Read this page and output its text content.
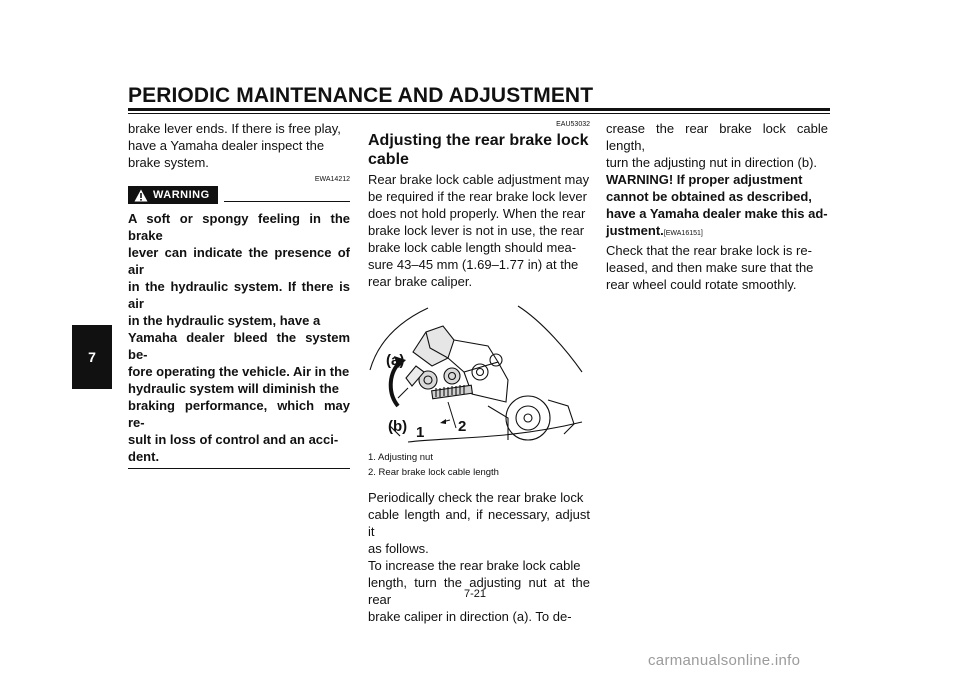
PERIODIC MAINTENANCE AND ADJUSTMENT
7

brake lever ends. If there is free play,
have a Yamaha dealer inspect the
brake system.

EWA14212

WARNING

A soft or spongy feeling in the brake
lever can indicate the presence of air
in the hydraulic system. If there is air
in the hydraulic system, have a
Yamaha dealer bleed the system be-
fore operating the vehicle. Air in the
hydraulic system will diminish the
braking performance, which may re-
sult in loss of control and an acci-
dent.

EAU53032

Adjusting the rear brake lock
cable

Rear brake lock cable adjustment may
be required if the rear brake lock lever
does not hold properly. When the rear
brake lock lever is not in use, the rear
brake lock cable length should mea-
sure 43–45 mm (1.69–1.77 in) at the
rear brake caliper.

(a)
(b) 1 2

1. Adjusting nut

2. Rear brake lock cable length

Periodically check the rear brake lock
cable length and, if necessary, adjust it
as follows.
To increase the rear brake lock cable
length, turn the adjusting nut at the rear
brake caliper in direction (a). To de-

crease the rear brake lock cable length,
turn the adjusting nut in direction (b).
WARNING! If proper adjustment
cannot be obtained as described,
have a Yamaha dealer make this ad-
justment.[EWA16151]
Check that the rear brake lock is re-
leased, and then make sure that the
rear wheel could rotate smoothly.

7-21
carmanualsonline.info
